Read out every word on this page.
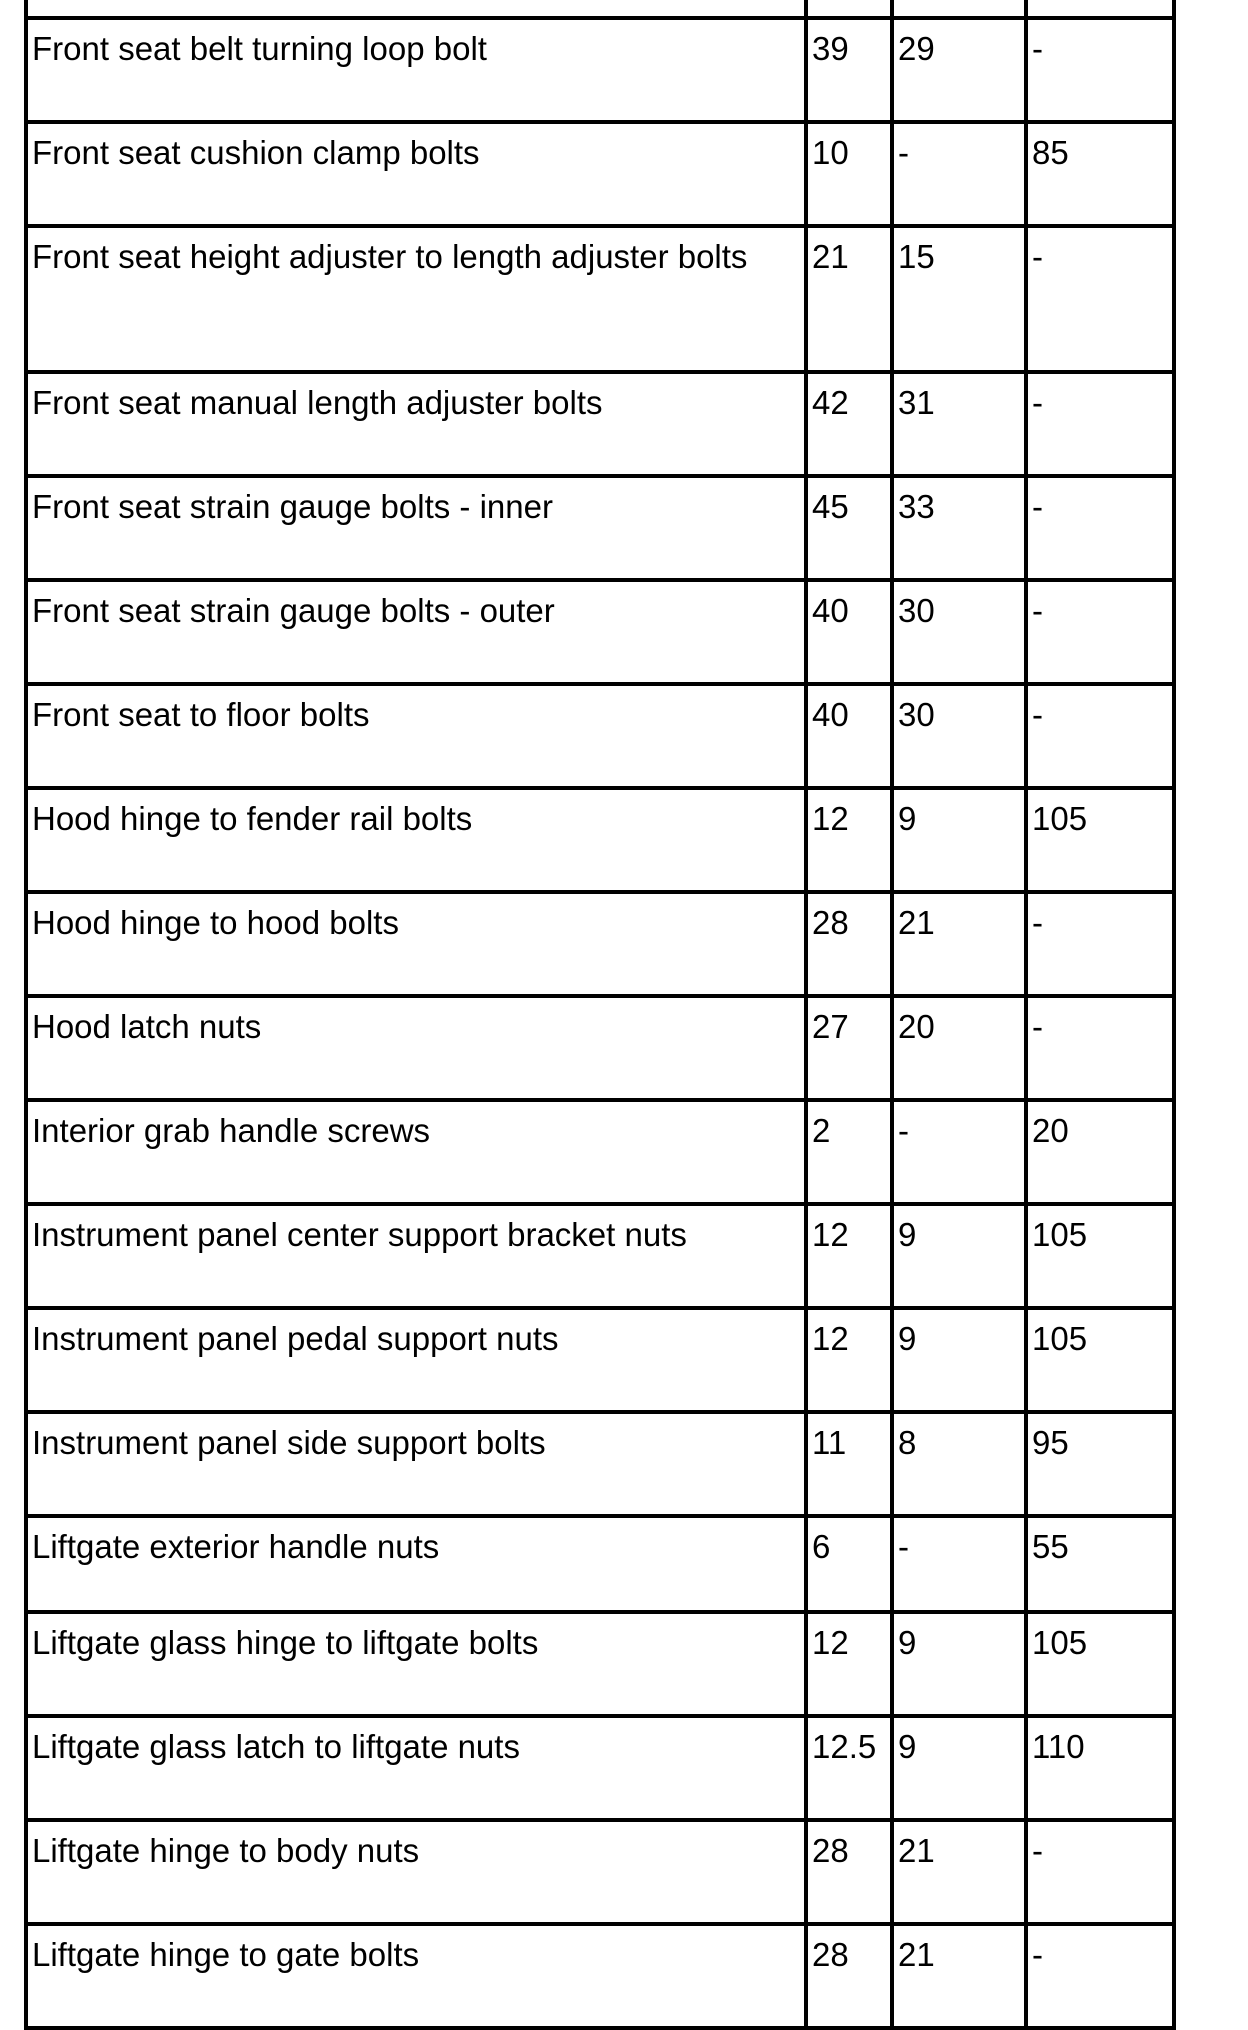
Front seat belt turning loop bolt	39	29	-
Front seat cushion clamp bolts	10	-	85
Front seat height adjuster to length adjuster bolts	21	15	-
Front seat manual length adjuster bolts	42	31	-
Front seat strain gauge bolts - inner	45	33	-
Front seat strain gauge bolts - outer	40	30	-
Front seat to floor bolts	40	30	-
Hood hinge to fender rail bolts	12	9	105
Hood hinge to hood bolts	28	21	-
Hood latch nuts	27	20	-
Interior grab handle screws	2	-	20
Instrument panel center support bracket nuts	12	9	105
Instrument panel pedal support nuts	12	9	105
Instrument panel side support bolts	11	8	95
Liftgate exterior handle nuts	6	-	55
Liftgate glass hinge to liftgate bolts	12	9	105
Liftgate glass latch to liftgate nuts	12.5	9	110
Liftgate hinge to body nuts	28	21	-
Liftgate hinge to gate bolts	28	21	-
